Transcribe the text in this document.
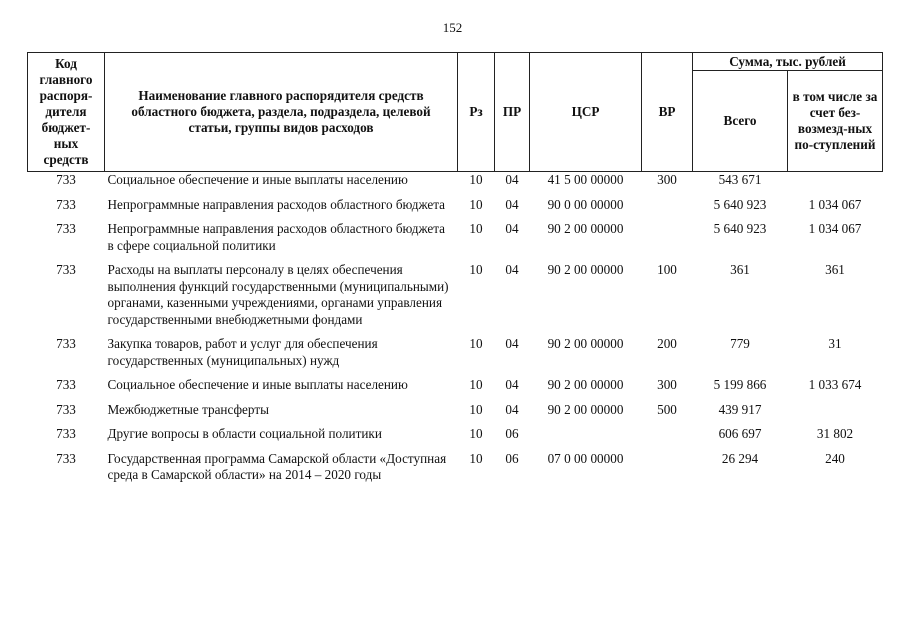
152
Код главного распоря-дителя бюджет-ных средств	Наименование главного распорядителя средств областного бюджета, раздела, подраздела, целевой статьи, группы видов расходов	Рз	ПР	ЦСР	ВР	Сумма, тыс. рублей	
						Всего	в том числе за счет без-возмезд-ных по-ступлений
733	Социальное обеспечение и иные выплаты населению	10	04	41 5 00 00000	300	543 671	
733	Непрограммные направления расходов областного бюджета	10	04	90 0 00 00000		5 640 923	1 034 067
733	Непрограммные направления расходов областного бюджета в сфере социальной политики	10	04	90 2 00 00000		5 640 923	1 034 067
733	Расходы на выплаты персоналу в целях обеспечения выполнения функций государственными (муниципальными) органами, казенными учреждениями, органами управления государственными внебюджетными фондами	10	04	90 2 00 00000	100	361	361
733	Закупка товаров, работ и услуг для обеспечения государственных (муниципальных) нужд	10	04	90 2 00 00000	200	779	31
733	Социальное обеспечение и иные выплаты населению	10	04	90 2 00 00000	300	5 199 866	1 033 674
733	Межбюджетные трансферты	10	04	90 2 00 00000	500	439 917	
733	Другие вопросы в области социальной политики	10	06			606 697	31 802
733	Государственная программа Самарской области «Доступная среда в Самарской области» на 2014 – 2020 годы	10	06	07 0 00 00000		26 294	240
